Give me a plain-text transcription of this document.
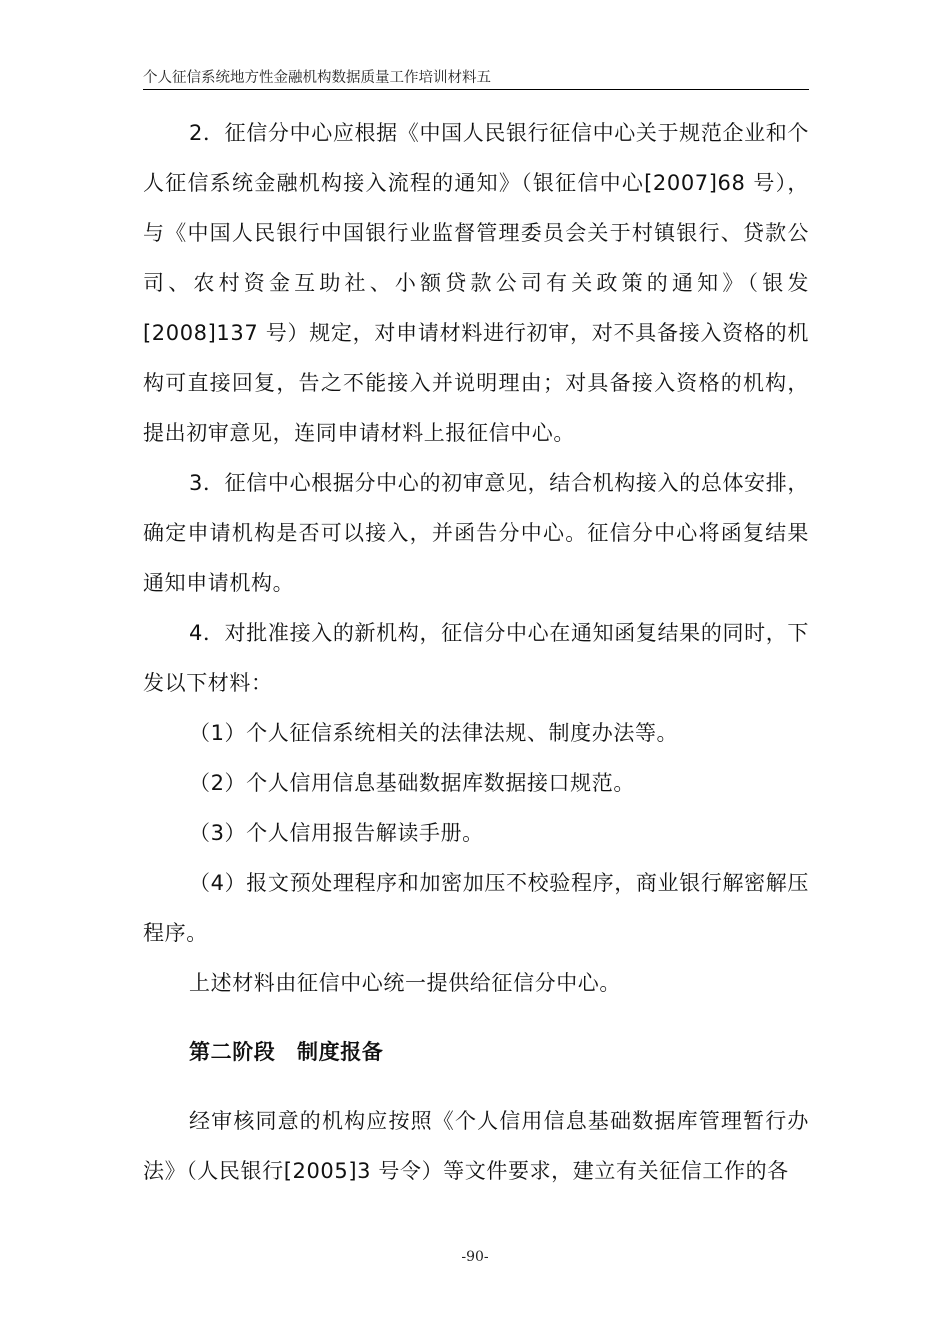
个人征信系统地方性金融机构数据质量工作培训材料五

2．征信分中心应根据《中国人民银行征信中心关于规范企业和个人征信系统金融机构接入流程的通知》（银征信中心[2007]68 号），与《中国人民银行中国银行业监督管理委员会关于村镇银行、贷款公司、农村资金互助社、小额贷款公司有关政策的通知》（银发[2008]137 号）规定，对申请材料进行初审，对不具备接入资格的机构可直接回复，告之不能接入并说明理由；对具备接入资格的机构，提出初审意见，连同申请材料上报征信中心。

3．征信中心根据分中心的初审意见，结合机构接入的总体安排，确定申请机构是否可以接入，并函告分中心。征信分中心将函复结果通知申请机构。

4．对批准接入的新机构，征信分中心在通知函复结果的同时，下发以下材料：

（1）个人征信系统相关的法律法规、制度办法等。

（2）个人信用信息基础数据库数据接口规范。

（3）个人信用报告解读手册。

（4）报文预处理程序和加密加压不校验程序，商业银行解密解压程序。

上述材料由征信中心统一提供给征信分中心。

第二阶段　制度报备

经审核同意的机构应按照《个人信用信息基础数据库管理暂行办法》（人民银行[2005]3 号令）等文件要求，建立有关征信工作的各

-90-
